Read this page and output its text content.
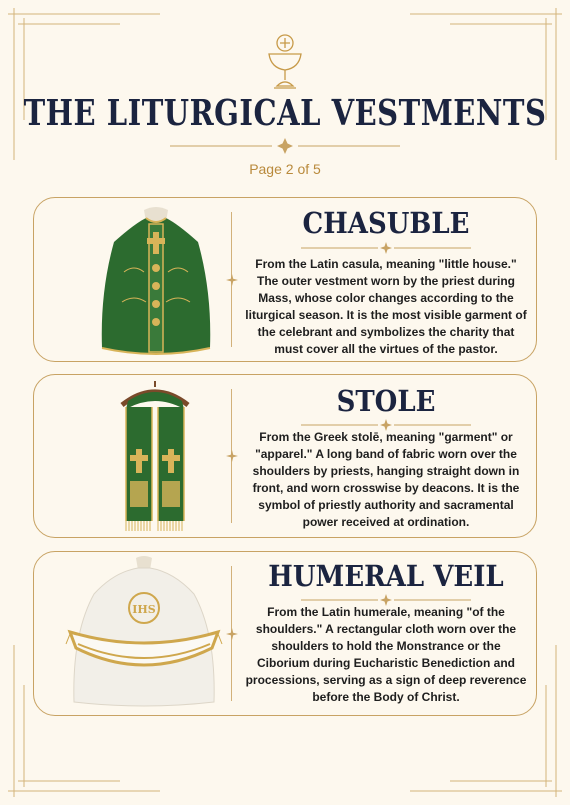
THE LITURGICAL VESTMENTS
Page 2 of 5
CHASUBLE
From the Latin casula, meaning "little house." The outer vestment worn by the priest during Mass, whose color changes according to the liturgical season. It is the most visible garment of the celebrant and symbolizes the charity that must cover all the virtues of the pastor.
STOLE
From the Greek stolē, meaning "garment" or "apparel." A long band of fabric worn over the shoulders by priests, hanging straight down in front, and worn crosswise by deacons. It is the symbol of priestly authority and sacramental power received at ordination.
IHS
HUMERAL VEIL
From the Latin humerale, meaning "of the shoulders." A rectangular cloth worn over the shoulders to hold the Monstrance or the Ciborium during Eucharistic Benediction and processions, serving as a sign of deep reverence before the Body of Christ.
